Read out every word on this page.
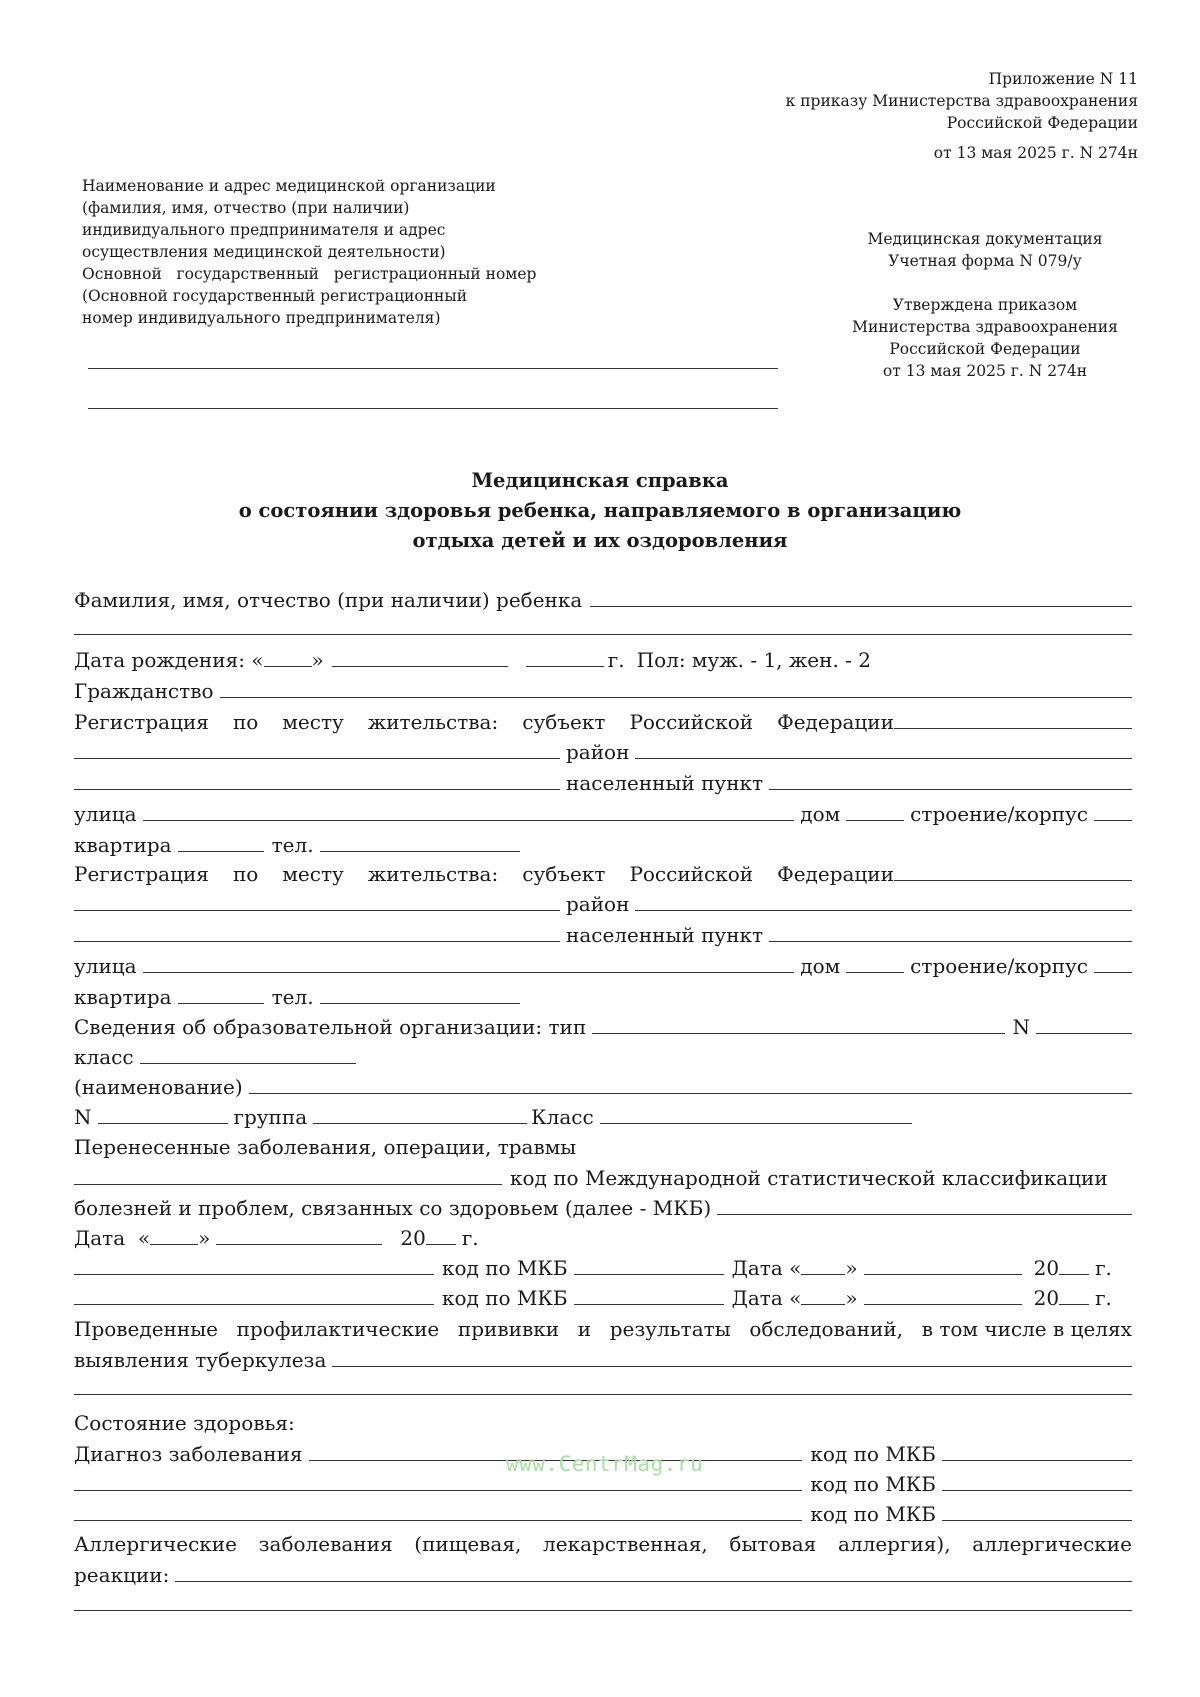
Приложение N 11
к приказу Министерства здравоохранения
Российской Федерации
от 13 мая 2025 г. N 274н
Наименование и адрес медицинской организации
(фамилия, имя, отчество (при наличии)
индивидуального предпринимателя и адрес
осуществления медицинской деятельности)
Основной   государственный   регистрационный номер
(Основной государственный регистрационный
номер индивидуального предпринимателя)
Медицинская документация
Учетная форма N 079/у
Утверждена приказом
Министерства здравоохранения
Российской Федерации
от 13 мая 2025 г. N 274н
Медицинская справка
о состоянии здоровья ребенка, направляемого в организацию
отдыха детей и их оздоровления
Фамилия, имя, отчество (при наличии) ребенка
Дата рождения: « »	г. Пол: муж. - 1, жен. - 2
Гражданство
Регистрация по месту жительства: субъект Российской Федерации
район
населенный пункт
улица	дом	строение/корпус
квартира	тел.
Регистрация по месту жительства: субъект Российской Федерации
район
населенный пункт
улица	дом	строение/корпус
квартира	тел.
Сведения об образовательной организации: тип	N
класс
(наименование)
N	группа	Класс
Перенесенные заболевания, операции, травмы
код по Международной статистической классификации
болезней и проблем, связанных со здоровьем (далее - МКБ)
Дата  « »	20 г.
код по МКБ	Дата « »	20 г.
код по МКБ	Дата « »	20 г.
Проведенные профилактические прививки и результаты обследований, в том числе в целях
выявления туберкулеза
Состояние здоровья:
Диагноз заболевания	код по МКБ
код по МКБ
код по МКБ
Аллергические заболевания (пищевая, лекарственная, бытовая аллергия), аллергические
реакции:
www.CentrMag.ru
